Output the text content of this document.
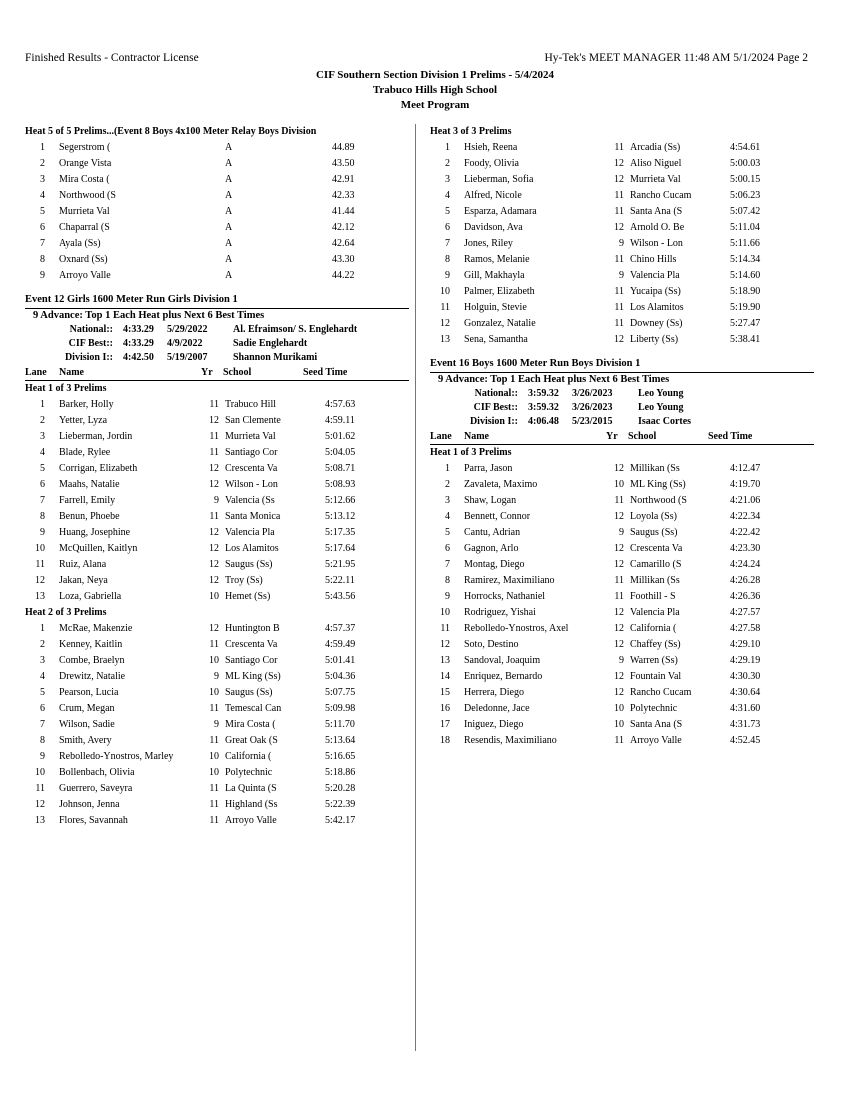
Finished Results - Contractor License	Hy-Tek's MEET MANAGER 11:48 AM 5/1/2024 Page 2
CIF Southern Section Division 1 Prelims - 5/4/2024
Trabuco Hills High School
Meet Program
Heat 5 of 5 Prelims...(Event 8 Boys 4x100 Meter Relay Boys Division
1 Segerstrom (	A	44.89
2 Orange Vista	A	43.50
3 Mira Costa (	A	42.91
4 Northwood (S	A	42.33
5 Murrieta Val	A	41.44
6 Chaparral (S	A	42.12
7 Ayala (Ss)	A	42.64
8 Oxnard (Ss)	A	43.30
9 Arroyo Valle	A	44.22
Event 12 Girls 1600 Meter Run Girls Division 1
9 Advance: Top 1 Each Heat plus Next 6 Best Times
National:: 4:33.29 5/29/2022	Al. Efraimson/ S. Englehardt
CIF Best:: 4:33.29 4/9/2022	Sadie Englehardt
Division I:: 4:42.50 5/19/2007	Shannon Murikami
Lane Name	Yr School	Seed Time
Heat 1 of 3 Prelims
1 Barker, Holly	11 Trabuco Hill	4:57.63
2 Yetter, Lyza	12 San Clemente	4:59.11
3 Lieberman, Jordin	11 Murrieta Val	5:01.62
4 Blade, Rylee	11 Santiago Cor	5:04.05
5 Corrigan, Elizabeth	12 Crescenta Va	5:08.71
6 Maahs, Natalie	12 Wilson - Lon	5:08.93
7 Farrell, Emily	9 Valencia (Ss	5:12.66
8 Benun, Phoebe	11 Santa Monica	5:13.12
9 Huang, Josephine	12 Valencia Pla	5:17.35
10 McQuillen, Kaitlyn	12 Los Alamitos	5:17.64
11 Ruiz, Alana	12 Saugus (Ss)	5:21.95
12 Jakan, Neya	12 Troy (Ss)	5:22.11
13 Loza, Gabriella	10 Hemet (Ss)	5:43.56
Heat 2 of 3 Prelims
1 McRae, Makenzie	12 Huntington B	4:57.37
2 Kenney, Kaitlin	11 Crescenta Va	4:59.49
3 Combe, Braelyn	10 Santiago Cor	5:01.41
4 Drewitz, Natalie	9 ML King (Ss)	5:04.36
5 Pearson, Lucia	10 Saugus (Ss)	5:07.75
6 Crum, Megan	11 Temescal Can	5:09.98
7 Wilson, Sadie	9 Mira Costa (	5:11.70
8 Smith, Avery	11 Great Oak (S	5:13.64
9 Rebolledo-Ynostros, Marley	10 California (	5:16.65
10 Bollenbach, Olivia	10 Polytechnic	5:18.86
11 Guerrero, Saveyra	11 La Quinta (S	5:20.28
12 Johnson, Jenna	11 Highland (Ss	5:22.39
13 Flores, Savannah	11 Arroyo Valle	5:42.17
Heat 3 of 3 Prelims
1 Hsieh, Reena	11 Arcadia (Ss)	4:54.61
2 Foody, Olivia	12 Aliso Niguel	5:00.03
3 Lieberman, Sofia	12 Murrieta Val	5:00.15
4 Alfred, Nicole	11 Rancho Cucam	5:06.23
5 Esparza, Adamara	11 Santa Ana (S	5:07.42
6 Davidson, Ava	12 Arnold O. Be	5:11.04
7 Jones, Riley	9 Wilson - Lon	5:11.66
8 Ramos, Melanie	11 Chino Hills	5:14.34
9 Gill, Makhayla	9 Valencia Pla	5:14.60
10 Palmer, Elizabeth	11 Yucaipa (Ss)	5:18.90
11 Holguin, Stevie	11 Los Alamitos	5:19.90
12 Gonzalez, Natalie	11 Downey (Ss)	5:27.47
13 Sena, Samantha	12 Liberty (Ss)	5:38.41
Event 16 Boys 1600 Meter Run Boys Division 1
9 Advance: Top 1 Each Heat plus Next 6 Best Times
National:: 3:59.32 3/26/2023	Leo Young
CIF Best:: 3:59.32 3/26/2023	Leo Young
Division I:: 4:06.48 5/23/2015	Isaac Cortes
Lane Name	Yr School	Seed Time
Heat 1 of 3 Prelims
1 Parra, Jason	12 Millikan (Ss	4:12.47
2 Zavaleta, Maximo	10 ML King (Ss)	4:19.70
3 Shaw, Logan	11 Northwood (S	4:21.06
4 Bennett, Connor	12 Loyola (Ss)	4:22.34
5 Cantu, Adrian	9 Saugus (Ss)	4:22.42
6 Gagnon, Arlo	12 Crescenta Va	4:23.30
7 Montag, Diego	12 Camarillo (S	4:24.24
8 Ramirez, Maximiliano	11 Millikan (Ss	4:26.28
9 Horrocks, Nathaniel	11 Foothill - S	4:26.36
10 Rodriguez, Yishai	12 Valencia Pla	4:27.57
11 Rebolledo-Ynostros, Axel	12 California (	4:27.58
12 Soto, Destino	12 Chaffey (Ss)	4:29.10
13 Sandoval, Joaquim	9 Warren (Ss)	4:29.19
14 Enriquez, Bernardo	12 Fountain Val	4:30.30
15 Herrera, Diego	12 Rancho Cucam	4:30.64
16 Deledonne, Jace	10 Polytechnic	4:31.60
17 Iniguez, Diego	10 Santa Ana (S	4:31.73
18 Resendis, Maximiliano	11 Arroyo Valle	4:52.45
